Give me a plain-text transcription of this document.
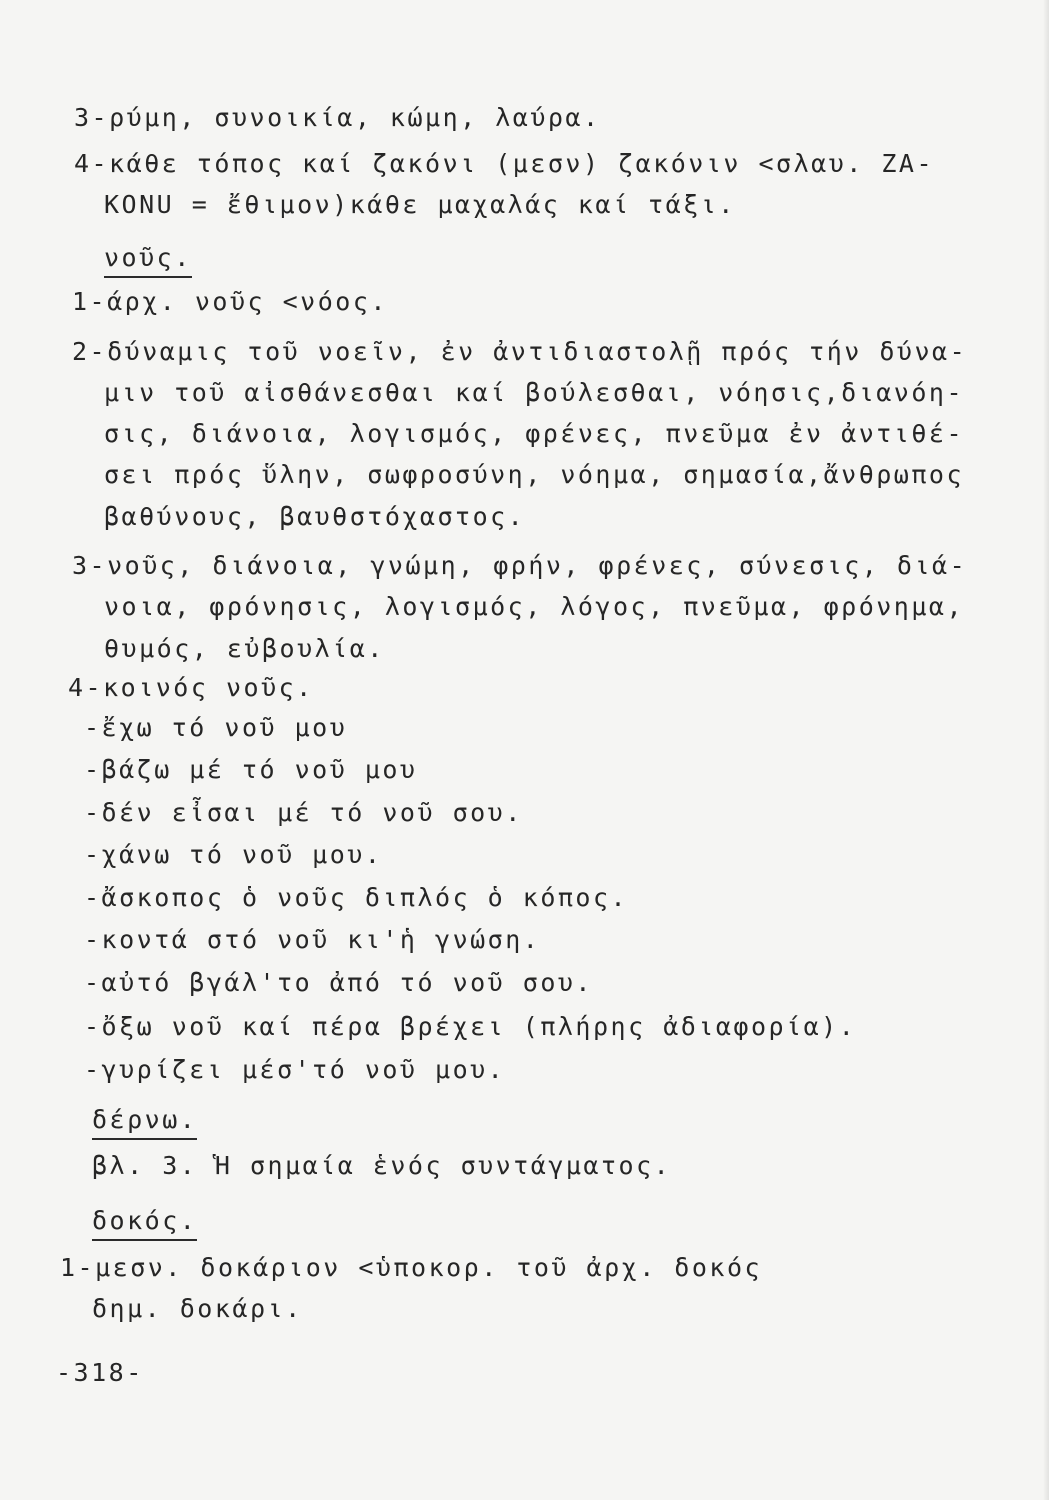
3-ρύμη, συνοικία, κώμη, λαύρα.
4-κάθε τόπος καί ζακόνι (μεσν) ζακόνιν <σλαυ. ZA-
KONU = ἔθιμον)κάθε μαχαλάς καί τάξι.
νοῦς.
1-άρχ. νοῦς <νόος.
2-δύναμις τοῦ νοεῖν, ἐν ἀντιδιαστολῇ πρός τήν δύνα-
μιν τοῦ αἰσθάνεσθαι καί βούλεσθαι, νόησις,διανόη-
σις, διάνοια, λογισμός, φρένες, πνεῦμα ἐν ἀντιθέ-
σει πρός ὕλην, σωφροσύνη, νόημα, σημασία,ἄνθρωπος
βαθύνους, βαυθστόχαστος.
3-νοῦς, διάνοια, γνώμη, φρήν, φρένες, σύνεσις, διά-
νοια, φρόνησις, λογισμός, λόγος, πνεῦμα, φρόνημα,
θυμός, εὐβουλία.
4-κοινός νοῦς.
-ἔχω τό νοῦ μου
-βάζω μέ τό νοῦ μου
-δέν εἶσαι μέ τό νοῦ σου.
-χάνω τό νοῦ μου.
-ἄσκοπος ὁ νοῦς διπλός ὁ κόπος.
-κοντά στό νοῦ κι'ἡ γνώση.
-αὐτό βγάλ'το ἀπό τό νοῦ σου.
-ὄξω νοῦ καί πέρα βρέχει (πλήρης ἀδιαφορία).
-γυρίζει μέσ'τό νοῦ μου.
δέρνω.
βλ. 3. Ἡ σημαία ἑνός συντάγματος.
δοκός.
1-μεσν. δοκάριον <ὑποκορ. τοῦ ἀρχ. δοκός
δημ. δοκάρι.
-318-
